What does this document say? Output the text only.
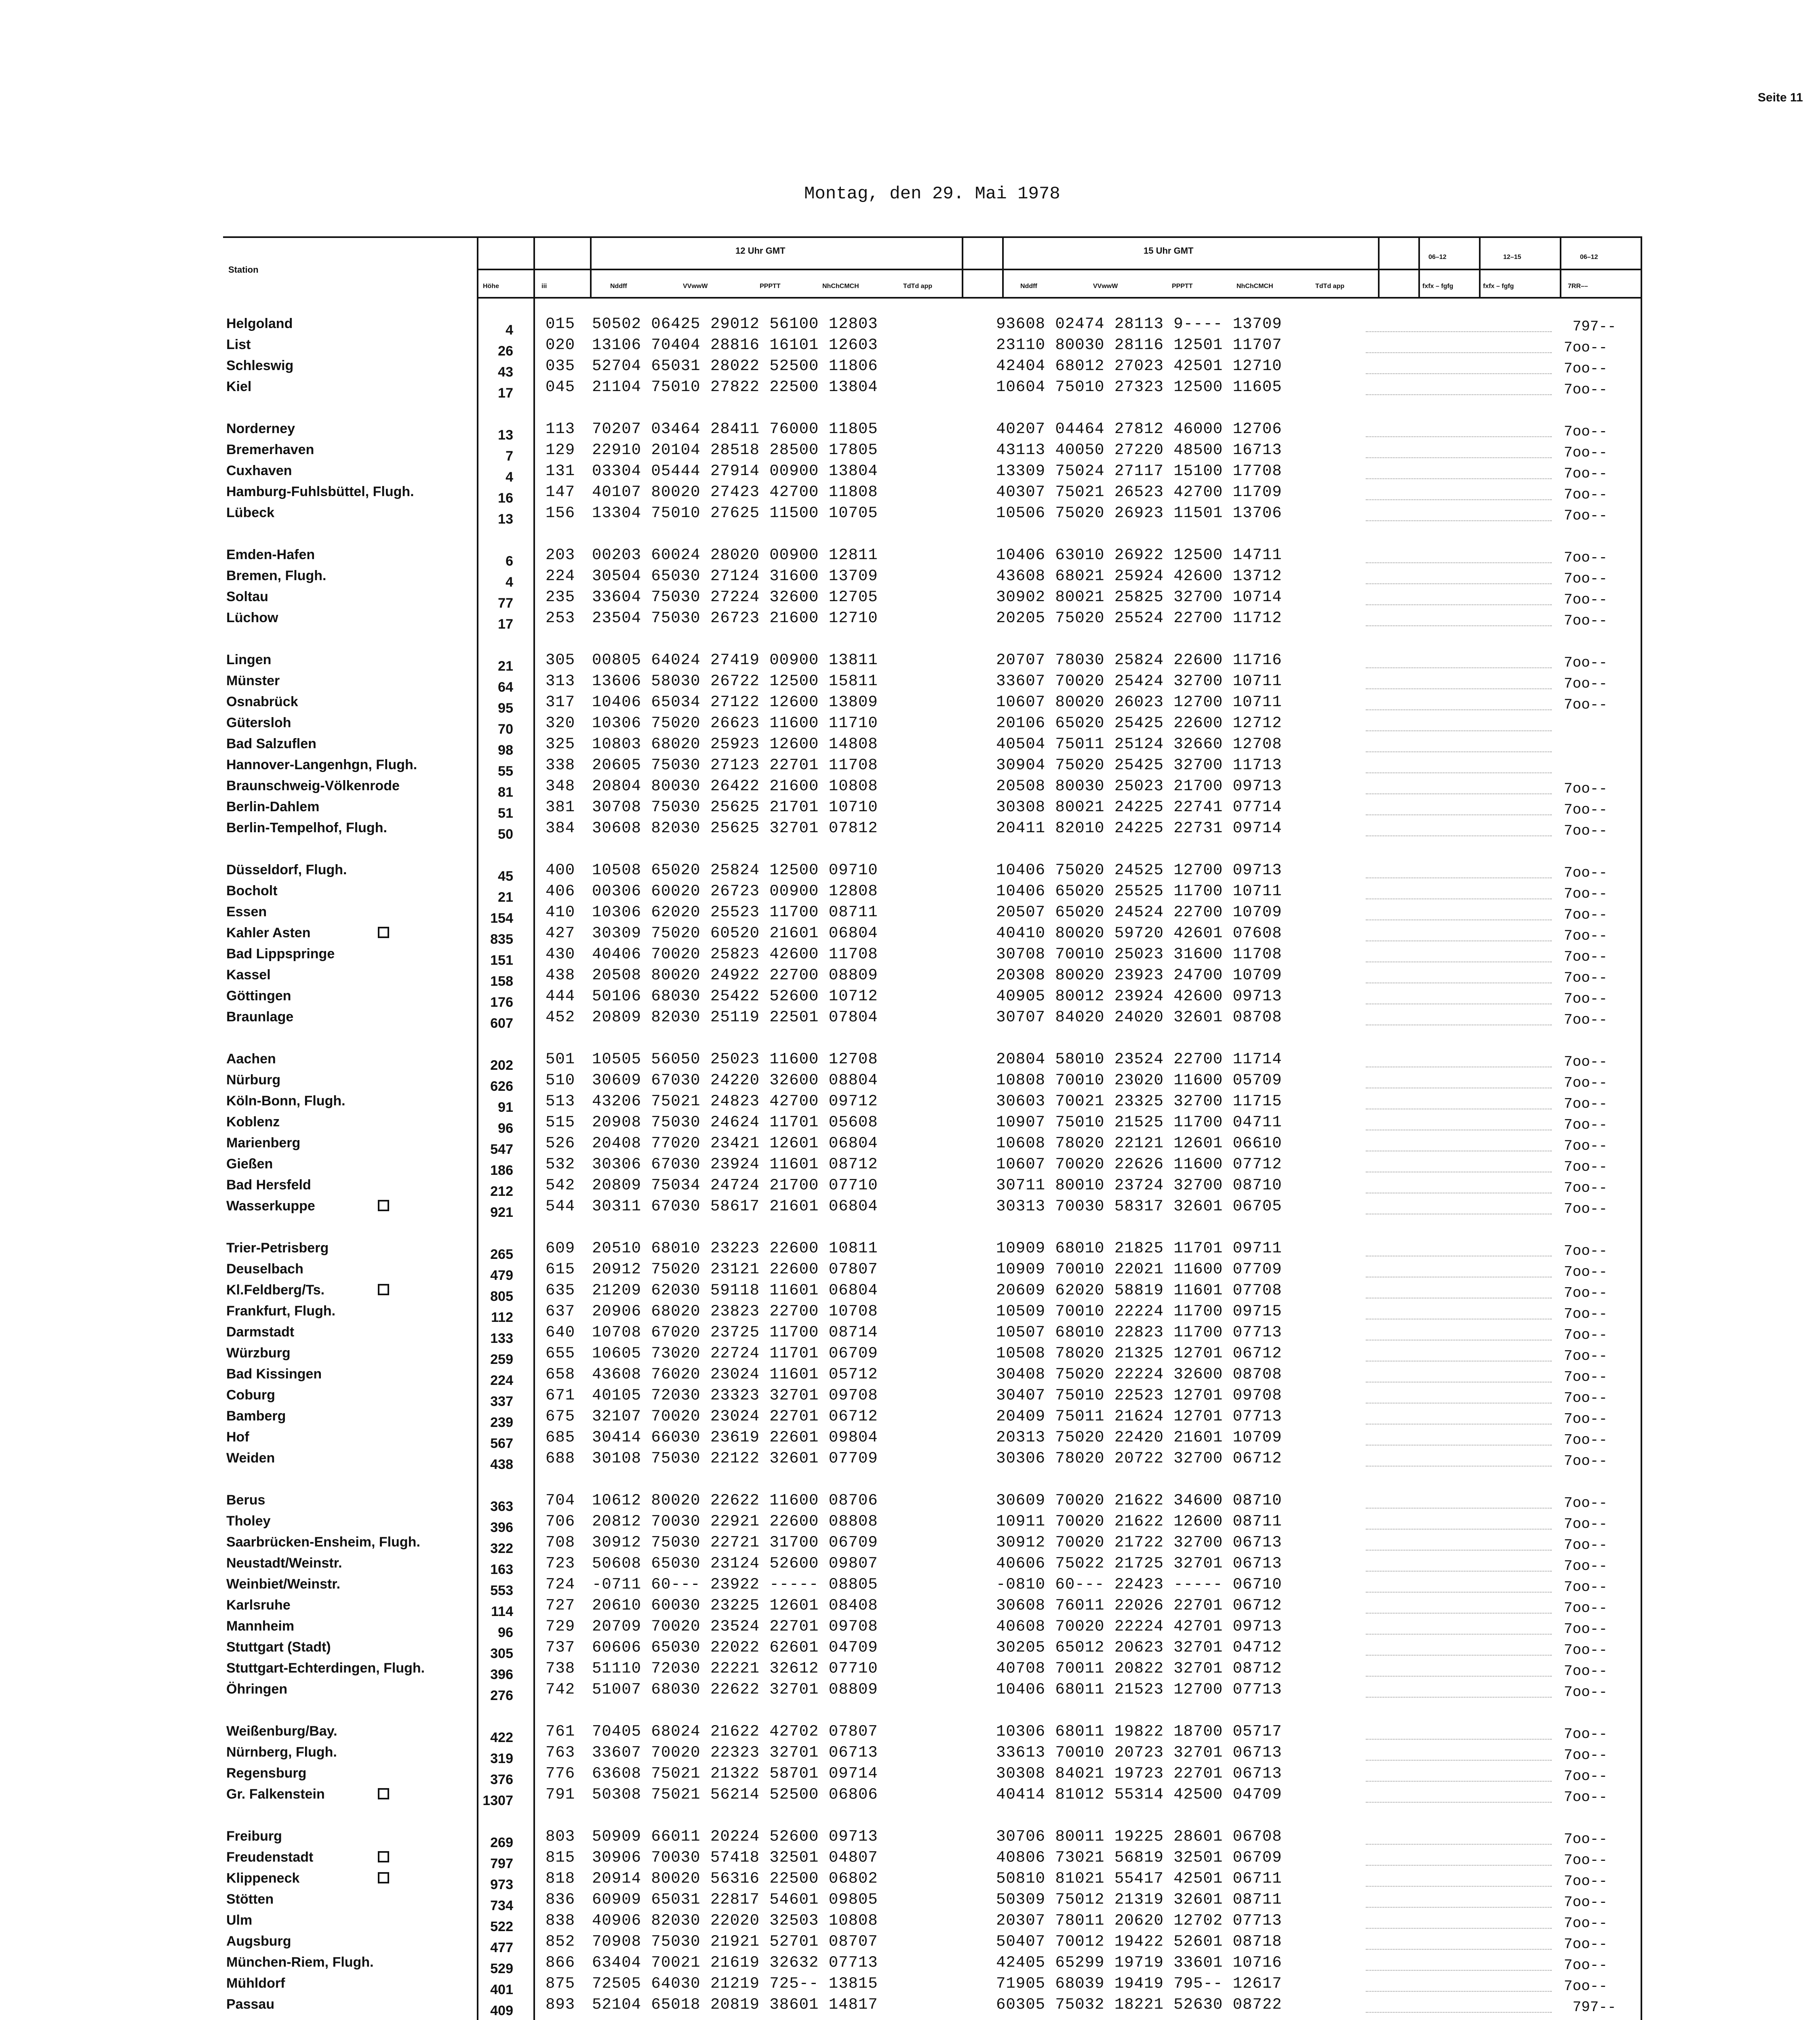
Seite 11
Montag, den 29. Mai 1978
Station
Höhe	iii
12 Uhr GMT	15 Uhr GMT
Nddff	VVwwW	PPPTT	NhChCMCH	TdTd app	Nddff	VVwwW	PPPTT	NhChCMCH	TdTd app
06–12	12–15	06–12
fxfx – fgfg	fxfx – fgfg	7RR––
Helgoland	4 015 50502 06425 29012 56100 12803	93608 02474 28113 9---- 13709	797--
List	26 020 13106 70404 28816 16101 12603	23110 80030 28116 12501 11707	7oo--
Schleswig	43 035 52704 65031 28022 52500 11806	42404 68012 27023 42501 12710	7oo--
Kiel	17 045 21104 75010 27822 22500 13804	10604 75010 27323 12500 11605	7oo--
Norderney	13 113 70207 03464 28411 76000 11805	40207 04464 27812 46000 12706	7oo--
Bremerhaven	7 129 22910 20104 28518 28500 17805	43113 40050 27220 48500 16713	7oo--
Cuxhaven	4 131 03304 05444 27914 00900 13804	13309 75024 27117 15100 17708	7oo--
Hamburg-Fuhlsbüttel, Flugh.	16 147 40107 80020 27423 42700 11808	40307 75021 26523 42700 11709	7oo--
Lübeck	13 156 13304 75010 27625 11500 10705	10506 75020 26923 11501 13706	7oo--
Emden-Hafen	6 203 00203 60024 28020 00900 12811	10406 63010 26922 12500 14711	7oo--
Bremen, Flugh.	4 224 30504 65030 27124 31600 13709	43608 68021 25924 42600 13712	7oo--
Soltau	77 235 33604 75030 27224 32600 12705	30902 80021 25825 32700 10714	7oo--
Lüchow	17 253 23504 75030 26723 21600 12710	20205 75020 25524 22700 11712	7oo--
Lingen	21 305 00805 64024 27419 00900 13811	20707 78030 25824 22600 11716	7oo--
Münster	64 313 13606 58030 26722 12500 15811	33607 70020 25424 32700 10711	7oo--
Osnabrück	95 317 10406 65034 27122 12600 13809	10607 80020 26023 12700 10711	7oo--
Gütersloh	70 320 10306 75020 26623 11600 11710	20106 65020 25425 22600 12712
Bad Salzuflen	98 325 10803 68020 25923 12600 14808	40504 75011 25124 32660 12708
Hannover-Langenhgn, Flugh.	55 338 20605 75030 27123 22701 11708	30904 75020 25425 32700 11713
Braunschweig-Völkenrode	81 348 20804 80030 26422 21600 10808	20508 80030 25023 21700 09713	7oo--
Berlin-Dahlem	51 381 30708 75030 25625 21701 10710	30308 80021 24225 22741 07714	7oo--
Berlin-Tempelhof, Flugh.	50 384 30608 82030 25625 32701 07812	20411 82010 24225 22731 09714	7oo--
Düsseldorf, Flugh.	45 400 10508 65020 25824 12500 09710	10406 75020 24525 12700 09713	7oo--
Bocholt	21 406 00306 60020 26723 00900 12808	10406 65020 25525 11700 10711	7oo--
Essen	154 410 10306 62020 25523 11700 08711	20507 65020 24524 22700 10709	7oo--
Kahler Asten	835 427 30309 75020 60520 21601 06804	40410 80020 59720 42601 07608	7oo--
Bad Lippspringe	151 430 40406 70020 25823 42600 11708	30708 70010 25023 31600 11708	7oo--
Kassel	158 438 20508 80020 24922 22700 08809	20308 80020 23923 24700 10709	7oo--
Göttingen	176 444 50106 68030 25422 52600 10712	40905 80012 23924 42600 09713	7oo--
Braunlage	607 452 20809 82030 25119 22501 07804	30707 84020 24020 32601 08708	7oo--
Aachen	202 501 10505 56050 25023 11600 12708	20804 58010 23524 22700 11714	7oo--
Nürburg	626 510 30609 67030 24220 32600 08804	10808 70010 23020 11600 05709	7oo--
Köln-Bonn, Flugh.	91 513 43206 75021 24823 42700 09712	30603 70021 23325 32700 11715	7oo--
Koblenz	96 515 20908 75030 24624 11701 05608	10907 75010 21525 11700 04711	7oo--
Marienberg	547 526 20408 77020 23421 12601 06804	10608 78020 22121 12601 06610	7oo--
Gießen	186 532 30306 67030 23924 11601 08712	10607 70020 22626 11600 07712	7oo--
Bad Hersfeld	212 542 20809 75034 24724 21700 07710	30711 80010 23724 32700 08710	7oo--
Wasserkuppe	921 544 30311 67030 58617 21601 06804	30313 70030 58317 32601 06705	7oo--
Trier-Petrisberg	265 609 20510 68010 23223 22600 10811	10909 68010 21825 11701 09711	7oo--
Deuselbach	479 615 20912 75020 23121 22600 07807	10909 70010 22021 11600 07709	7oo--
Kl.Feldberg/Ts.	805 635 21209 62030 59118 11601 06804	20609 62020 58819 11601 07708	7oo--
Frankfurt, Flugh.	112 637 20906 68020 23823 22700 10708	10509 70010 22224 11700 09715	7oo--
Darmstadt	133 640 10708 67020 23725 11700 08714	10507 68010 22823 11700 07713	7oo--
Würzburg	259 655 10605 73020 22724 11701 06709	10508 78020 21325 12701 06712	7oo--
Bad Kissingen	224 658 43608 76020 23024 11601 05712	30408 75020 22224 32600 08708	7oo--
Coburg	337 671 40105 72030 23323 32701 09708	30407 75010 22523 12701 09708	7oo--
Bamberg	239 675 32107 70020 23024 22701 06712	20409 75011 21624 12701 07713	7oo--
Hof	567 685 30414 66030 23619 22601 09804	20313 75020 22420 21601 10709	7oo--
Weiden	438 688 30108 75030 22122 32601 07709	30306 78020 20722 32700 06712	7oo--
Berus	363 704 10612 80020 22622 11600 08706	30609 70020 21622 34600 08710	7oo--
Tholey	396 706 20812 70030 22921 22600 08808	10911 70020 21622 12600 08711	7oo--
Saarbrücken-Ensheim, Flugh.	322 708 30912 75030 22721 31700 06709	30912 70020 21722 32700 06713	7oo--
Neustadt/Weinstr.	163 723 50608 65030 23124 52600 09807	40606 75022 21725 32701 06713	7oo--
Weinbiet/Weinstr.	553 724 -0711 60--- 23922 ----- 08805	-0810 60--- 22423 ----- 06710	7oo--
Karlsruhe	114 727 20610 60030 23225 12601 08408	30608 76011 22026 22701 06712	7oo--
Mannheim	96 729 20709 70020 23524 22701 09708	40608 70020 22224 42701 09713	7oo--
Stuttgart (Stadt)	305 737 60606 65030 22022 62601 04709	30205 65012 20623 32701 04712	7oo--
Stuttgart-Echterdingen, Flugh.	396 738 51110 72030 22221 32612 07710	40708 70011 20822 32701 08712	7oo--
Öhringen	276 742 51007 68030 22622 32701 08809	10406 68011 21523 12700 07713	7oo--
Weißenburg/Bay.	422 761 70405 68024 21622 42702 07807	10306 68011 19822 18700 05717	7oo--
Nürnberg, Flugh.	319 763 33607 70020 22323 32701 06713	33613 70010 20723 32701 06713	7oo--
Regensburg	376 776 63608 75021 21322 58701 09714	30308 84021 19723 22701 06713	7oo--
Gr. Falkenstein	1307 791 50308 75021 56214 52500 06806	40414 81012 55314 42500 04709	7oo--
Freiburg	269 803 50909 66011 20224 52600 09713	30706 80011 19225 28601 06708	7oo--
Freudenstadt	797 815 30906 70030 57418 32501 04807	40806 73021 56819 32501 06709	7oo--
Klippeneck	973 818 20914 80020 56316 22500 06802	50810 81021 55417 42501 06711	7oo--
Stötten	734 836 60909 65031 22817 54601 09805	50309 75012 21319 32601 08711	7oo--
Ulm	522 838 40906 82030 22020 32503 10808	20307 78011 20620 12702 07713	7oo--
Augsburg	477 852 70908 75030 21921 52701 08707	50407 70012 19422 52601 08718	7oo--
München-Riem, Flugh.	529 866 63404 70021 21619 32632 07713	42405 65299 19719 33601 10716	7oo--
Mühldorf	401 875 72505 64030 21219 725-- 13815	71905 68039 19419 795-- 12617	7oo--
Passau	409 893 52104 65018 20819 38601 14817	60305 75032 18221 52630 08722	797--
